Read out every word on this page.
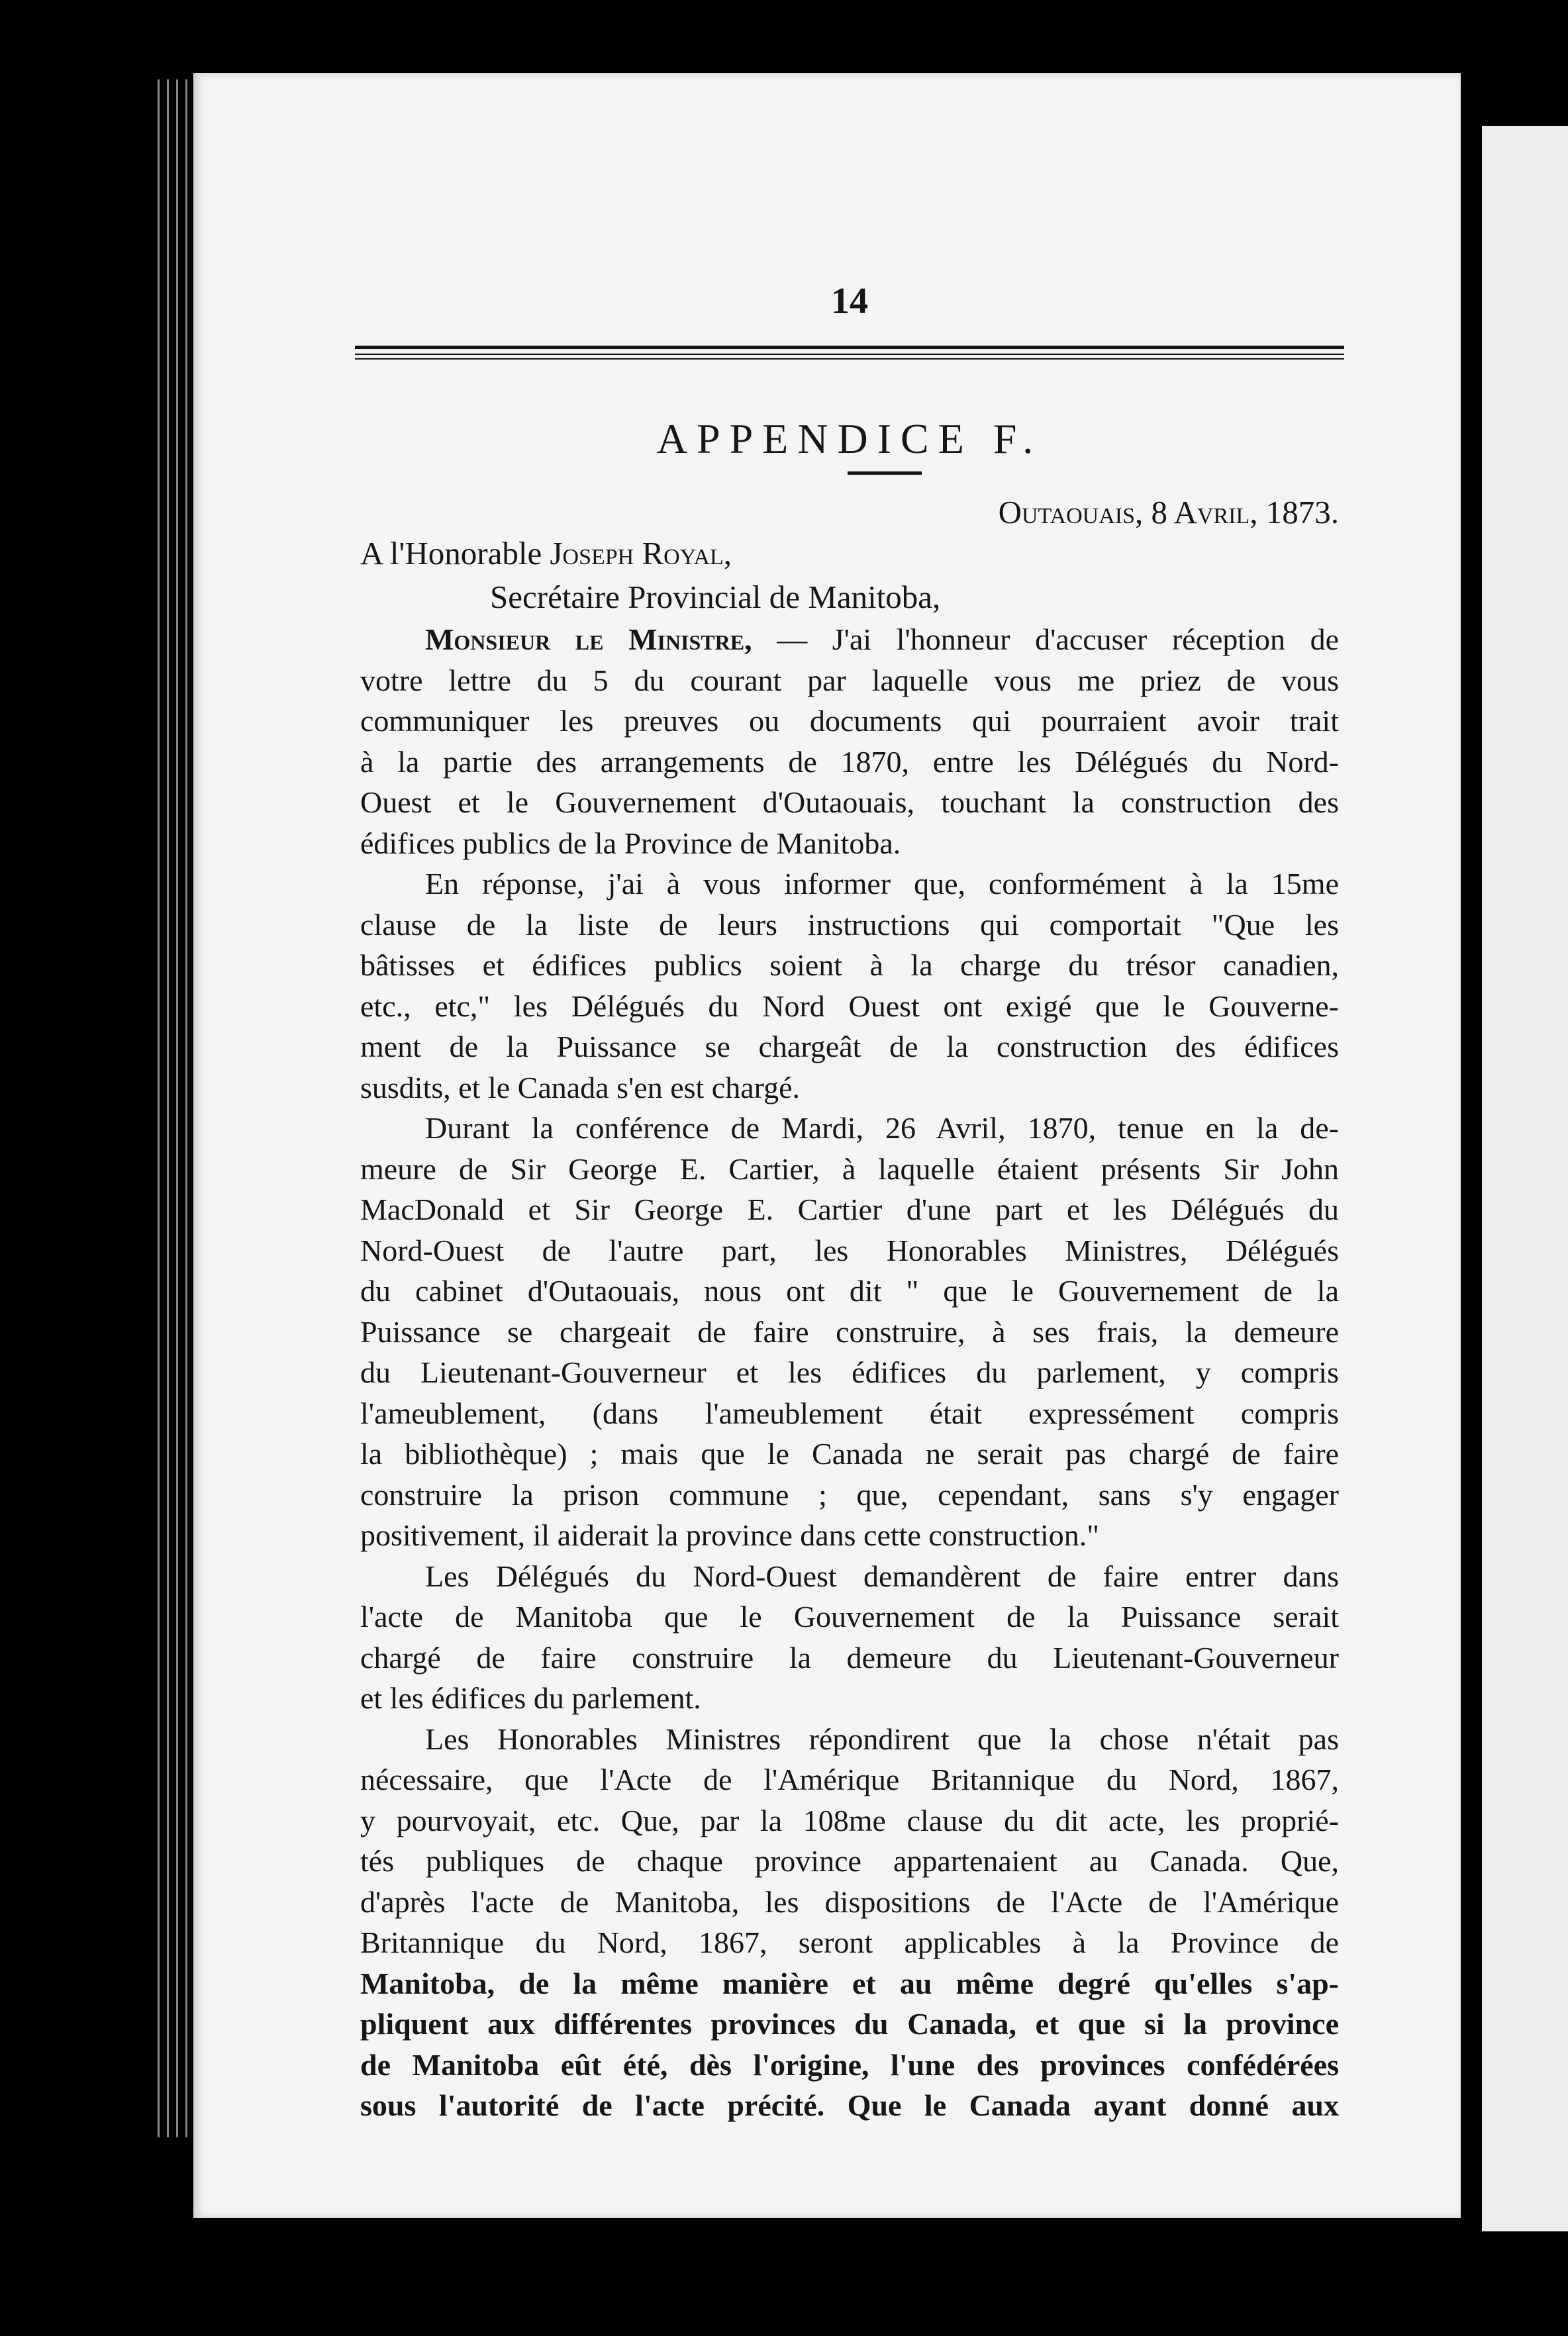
14
APPENDICE F.
Outaouais, 8 Avril, 1873.
A l'Honorable Joseph Royal,
Secrétaire Provincial de Manitoba,
Monsieur le Ministre, — J'ai l'honneur d'accuser réception de
votre lettre du 5 du courant par laquelle vous me priez de vous
communiquer les preuves ou documents qui pourraient avoir trait
à la partie des arrangements de 1870, entre les Délégués du Nord-
Ouest et le Gouvernement d'Outaouais, touchant la construction des
édifices publics de la Province de Manitoba.
En réponse, j'ai à vous informer que, conformément à la 15me
clause de la liste de leurs instructions qui comportait "Que les
bâtisses et édifices publics soient à la charge du trésor canadien,
etc., etc," les Délégués du Nord Ouest ont exigé que le Gouverne-
ment de la Puissance se chargeât de la construction des édifices
susdits, et le Canada s'en est chargé.
Durant la conférence de Mardi, 26 Avril, 1870, tenue en la de-
meure de Sir George E. Cartier, à laquelle étaient présents Sir John
MacDonald et Sir George E. Cartier d'une part et les Délégués du
Nord-Ouest de l'autre part, les Honorables Ministres, Délégués
du cabinet d'Outaouais, nous ont dit " que le Gouvernement de la
Puissance se chargeait de faire construire, à ses frais, la demeure
du Lieutenant-Gouverneur et les édifices du parlement, y compris
l'ameublement, (dans l'ameublement était expressément compris
la bibliothèque) ; mais que le Canada ne serait pas chargé de faire
construire la prison commune ; que, cependant, sans s'y engager
positivement, il aiderait la province dans cette construction."
Les Délégués du Nord-Ouest demandèrent de faire entrer dans
l'acte de Manitoba que le Gouvernement de la Puissance serait
chargé de faire construire la demeure du Lieutenant-Gouverneur
et les édifices du parlement.
Les Honorables Ministres répondirent que la chose n'était pas
nécessaire, que l'Acte de l'Amérique Britannique du Nord, 1867,
y pourvoyait, etc. Que, par la 108me clause du dit acte, les proprié-
tés publiques de chaque province appartenaient au Canada. Que,
d'après l'acte de Manitoba, les dispositions de l'Acte de l'Amérique
Britannique du Nord, 1867, seront applicables à la Province de
Manitoba, de la même manière et au même degré qu'elles s'ap-
pliquent aux différentes provinces du Canada, et que si la province
de Manitoba eût été, dès l'origine, l'une des provinces confédérées
sous l'autorité de l'acte précité. Que le Canada ayant donné aux
